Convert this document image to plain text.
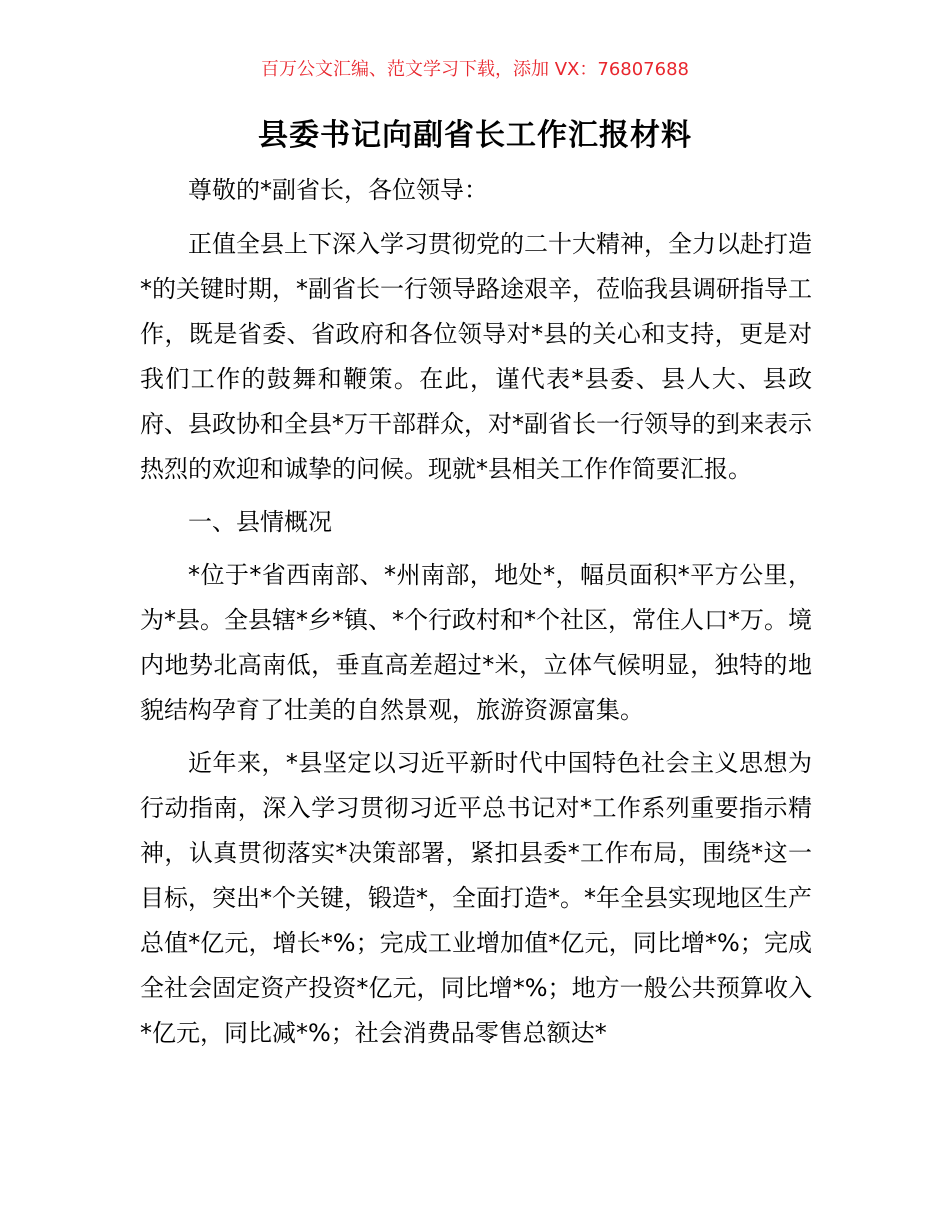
百万公文汇编、范文学习下载，添加 VX：76807688
县委书记向副省长工作汇报材料

尊敬的*副省长，各位领导：

正值全县上下深入学习贯彻党的二十大精神，全力以赴打造*的关键时期，*副省长一行领导路途艰辛，莅临我县调研指导工作，既是省委、省政府和各位领导对*县的关心和支持，更是对我们工作的鼓舞和鞭策。在此，谨代表*县委、县人大、县政府、县政协和全县*万干部群众，对*副省长一行领导的到来表示热烈的欢迎和诚挚的问候。现就*县相关工作作简要汇报。

一、县情概况

*位于*省西南部、*州南部，地处*，幅员面积*平方公里，为*县。全县辖*乡*镇、*个行政村和*个社区，常住人口*万。境内地势北高南低，垂直高差超过*米，立体气候明显，独特的地貌结构孕育了壮美的自然景观，旅游资源富集。

近年来，*县坚定以习近平新时代中国特色社会主义思想为行动指南，深入学习贯彻习近平总书记对*工作系列重要指示精神，认真贯彻落实*决策部署，紧扣县委*工作布局，围绕*这一目标，突出*个关键，锻造*，全面打造*。*年全县实现地区生产总值*亿元，增长*%；完成工业增加值*亿元，同比增*%；完成全社会固定资产投资*亿元，同比增*%；地方一般公共预算收入*亿元，同比减*%；社会消费品零售总额达*
